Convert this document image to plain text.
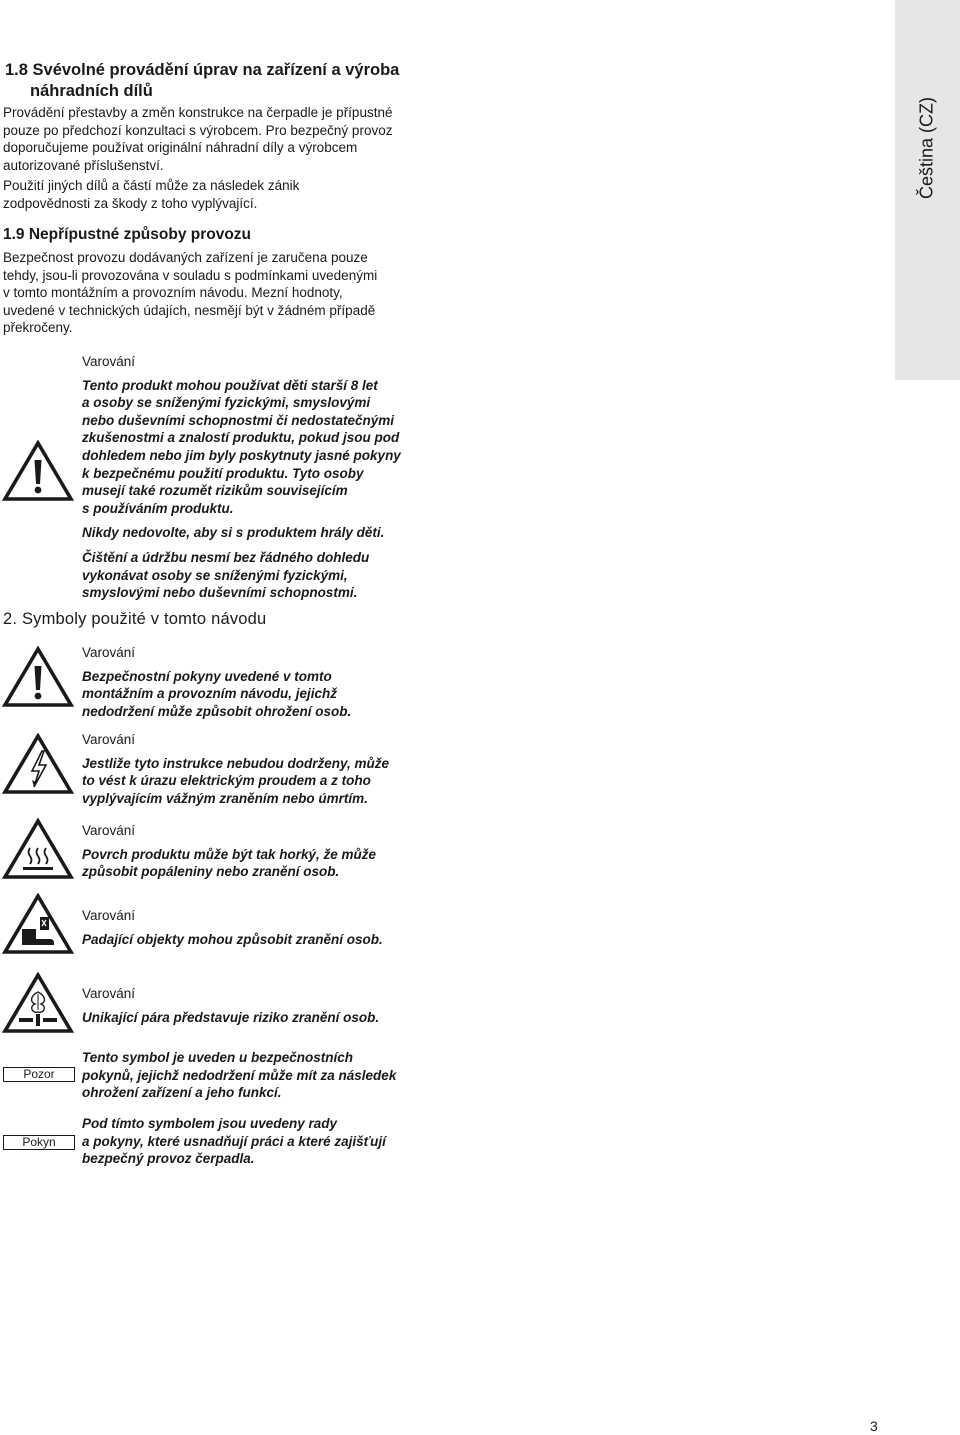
Čeština (CZ)
1.8 Svévolné provádění úprav na zařízení a výroba
náhradních dílů
Provádění přestavby a změn konstrukce na čerpadle je přípustné
pouze po předchozí konzultaci s výrobcem. Pro bezpečný provoz
doporučujeme používat originální náhradní díly a výrobcem
autorizované příslušenství.
Použití jiných dílů a částí může za následek zánik
zodpovědnosti za škody z toho vyplývající.
1.9 Nepřípustné způsoby provozu
Bezpečnost provozu dodávaných zařízení je zaručena pouze
tehdy, jsou-li provozována v souladu s podmínkami uvedenými
v tomto montážním a provozním návodu. Mezní hodnoty,
uvedené v technických údajích, nesmějí být v žádném případě
překročeny.
Varování
Tento produkt mohou používat děti starší 8 let
a osoby se sníženými fyzickými, smyslovými
nebo duševními schopnostmi či nedostatečnými
zkušenostmi a znalostí produktu, pokud jsou pod
dohledem nebo jim byly poskytnuty jasné pokyny
k bezpečnému použití produktu. Tyto osoby
musejí také rozumět rizikům souvisejícím
s používáním produktu.
Nikdy nedovolte, aby si s produktem hrály děti.
Čištění a údržbu nesmí bez řádného dohledu
vykonávat osoby se sníženými fyzickými,
smyslovými nebo duševními schopnostmi.
2. Symboly použité v tomto návodu
Varování
Bezpečnostní pokyny uvedené v tomto
montážním a provozním návodu, jejichž
nedodržení může způsobit ohrožení osob.
Varování
Jestliže tyto instrukce nebudou dodrženy, může
to vést k úrazu elektrickým proudem a z toho
vyplývajícím vážným zraněním nebo úmrtím.
Varování
Povrch produktu může být tak horký, že může
způsobit popáleniny nebo zranění osob.
Varování
Padající objekty mohou způsobit zranění osob.
Varování
Unikající pára představuje riziko zranění osob.
Pozor
Tento symbol je uveden u bezpečnostních
pokynů, jejichž nedodržení může mít za následek
ohrožení zařízení a jeho funkcí.
Pokyn
Pod tímto symbolem jsou uvedeny rady
a pokyny, které usnadňují práci a které zajišťují
bezpečný provoz čerpadla.
3
